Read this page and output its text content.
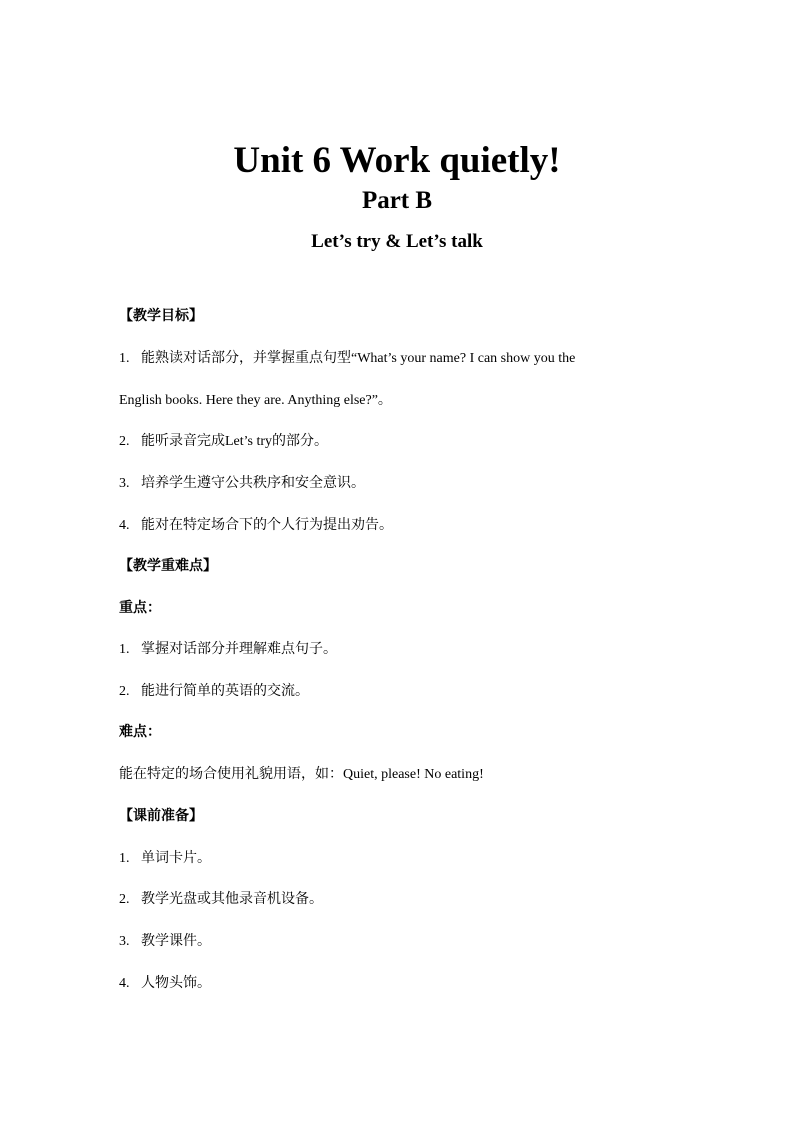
Unit 6 Work quietly!
Part B
Let’s try & Let’s talk
【教学目标】
1. 能熟读对话部分，并掌握重点句型“What’s your name? I can show you the
English books. Here they are. Anything else?”。
2. 能听录音完成Let’s try的部分。
3. 培养学生遵守公共秩序和安全意识。
4. 能对在特定场合下的个人行为提出劝告。
【教学重难点】
重点：
1. 掌握对话部分并理解难点句子。
2. 能进行简单的英语的交流。
难点：
能在特定的场合使用礼貌用语，如：Quiet, please! No eating!
【课前准备】
1. 单词卡片。
2. 教学光盘或其他录音机设备。
3. 教学课件。
4. 人物头饰。
